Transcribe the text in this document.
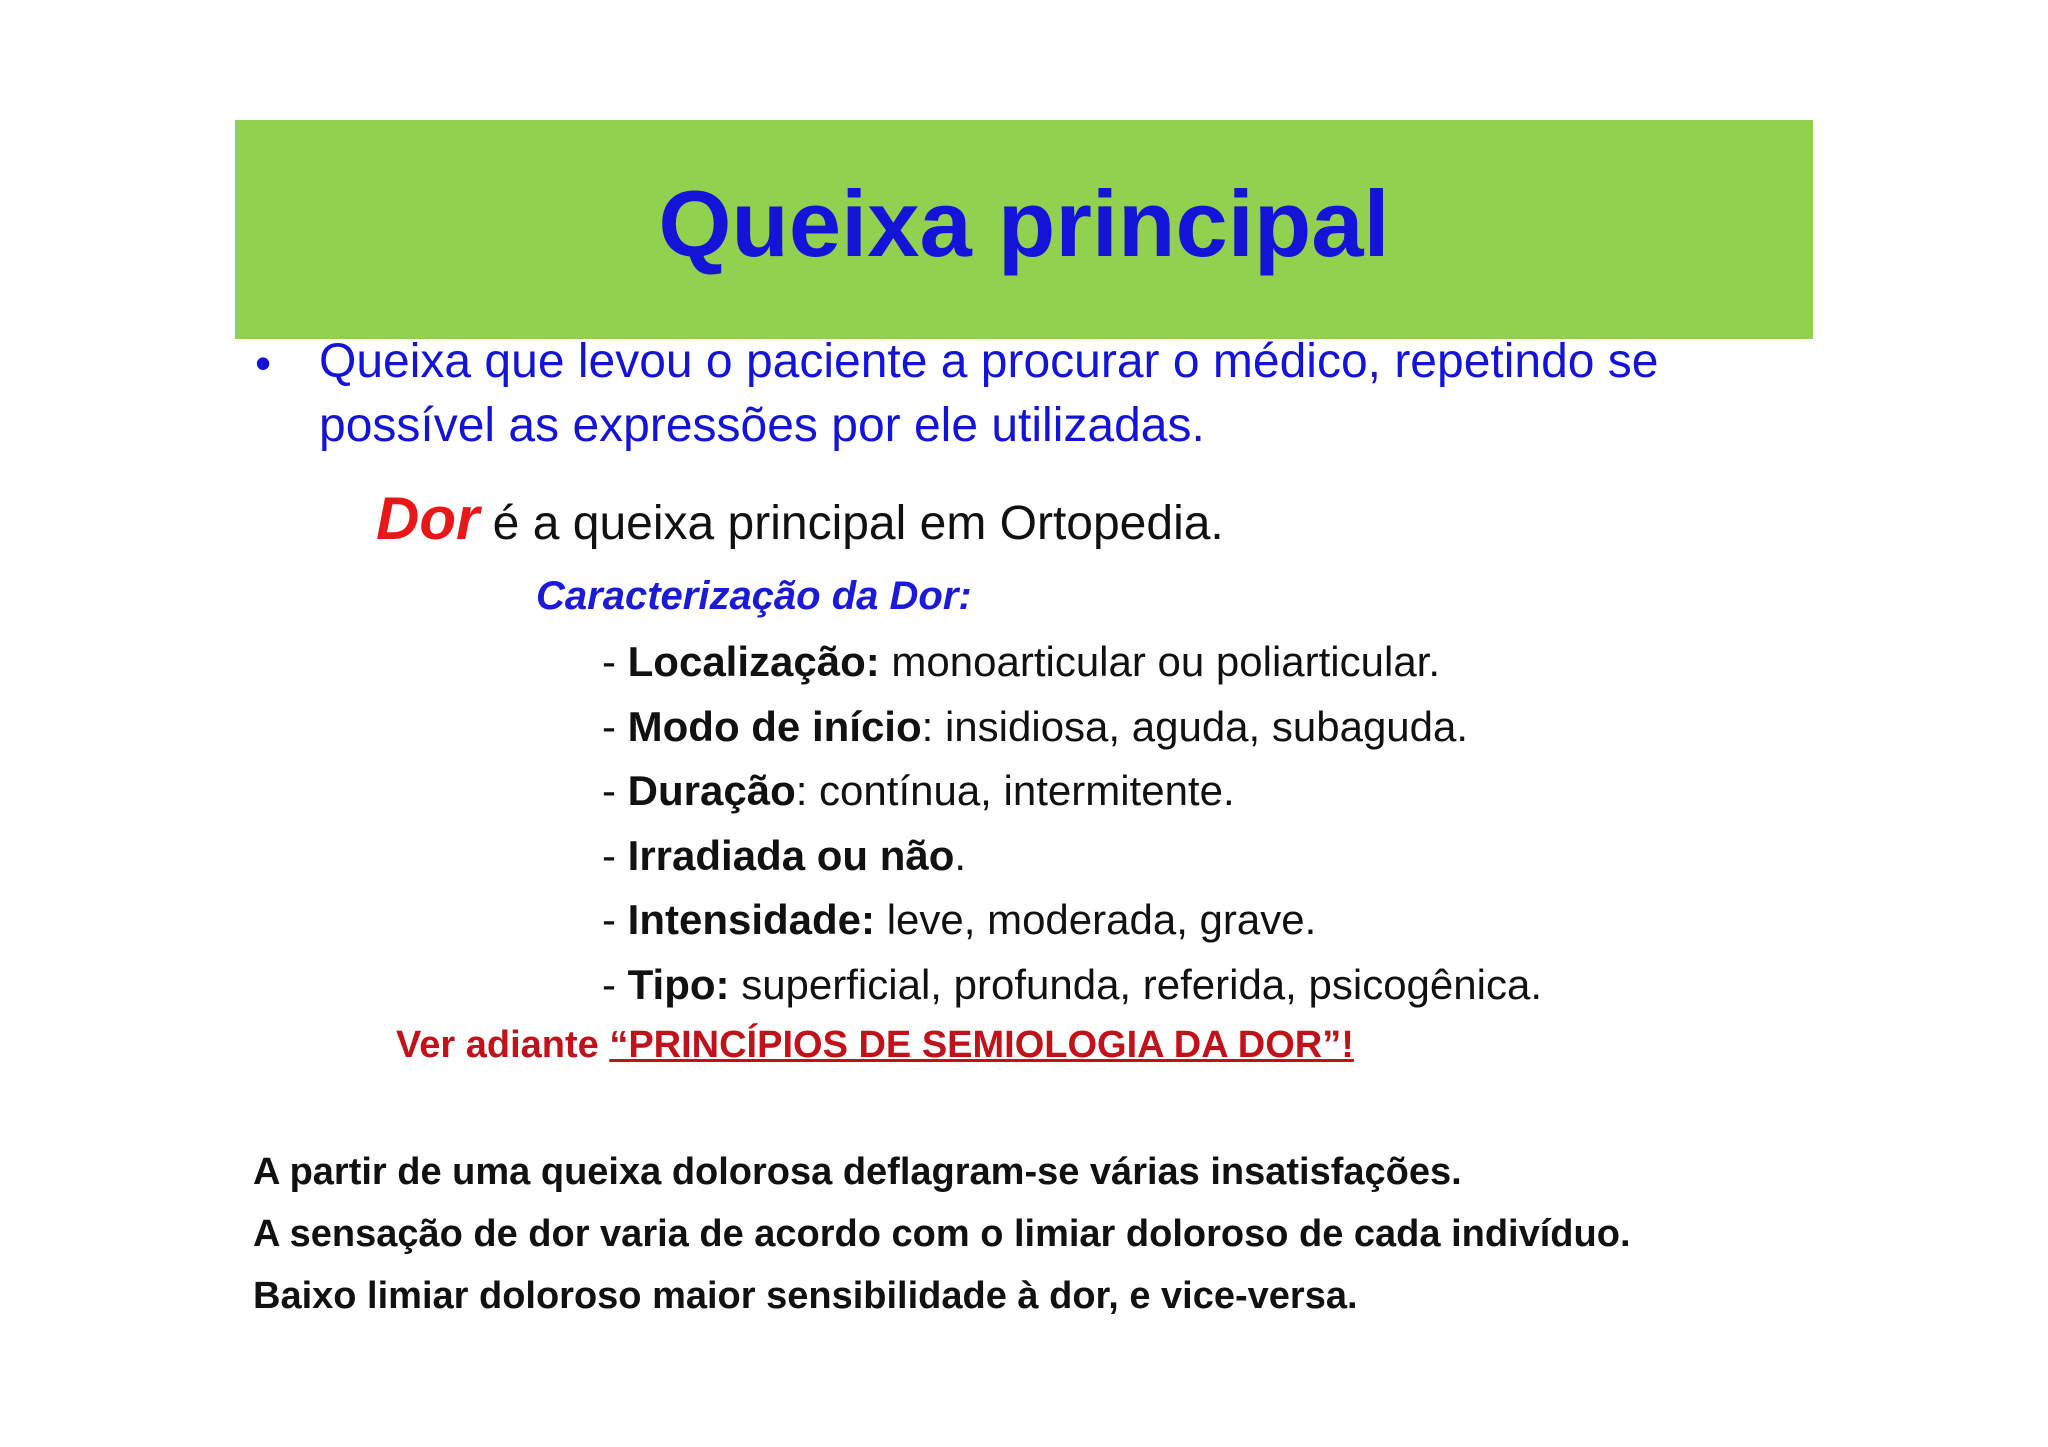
Queixa principal
• Queixa que levou o paciente a procurar o médico, repetindo se possível as expressões por ele utilizadas.
Dor é a queixa principal em Ortopedia.
Caracterização da Dor:
- Localização: monoarticular ou poliarticular.
- Modo de início: insidiosa, aguda, subaguda.
- Duração: contínua, intermitente.
- Irradiada ou não.
- Intensidade: leve, moderada, grave.
- Tipo: superficial, profunda, referida, psicogênica.
Ver adiante “PRINCÍPIOS DE SEMIOLOGIA DA DOR”!
A partir de uma queixa dolorosa deflagram-se várias insatisfações.
A sensação de dor varia de acordo com o limiar doloroso de cada indivíduo.
Baixo limiar doloroso maior sensibilidade à dor, e vice-versa.
